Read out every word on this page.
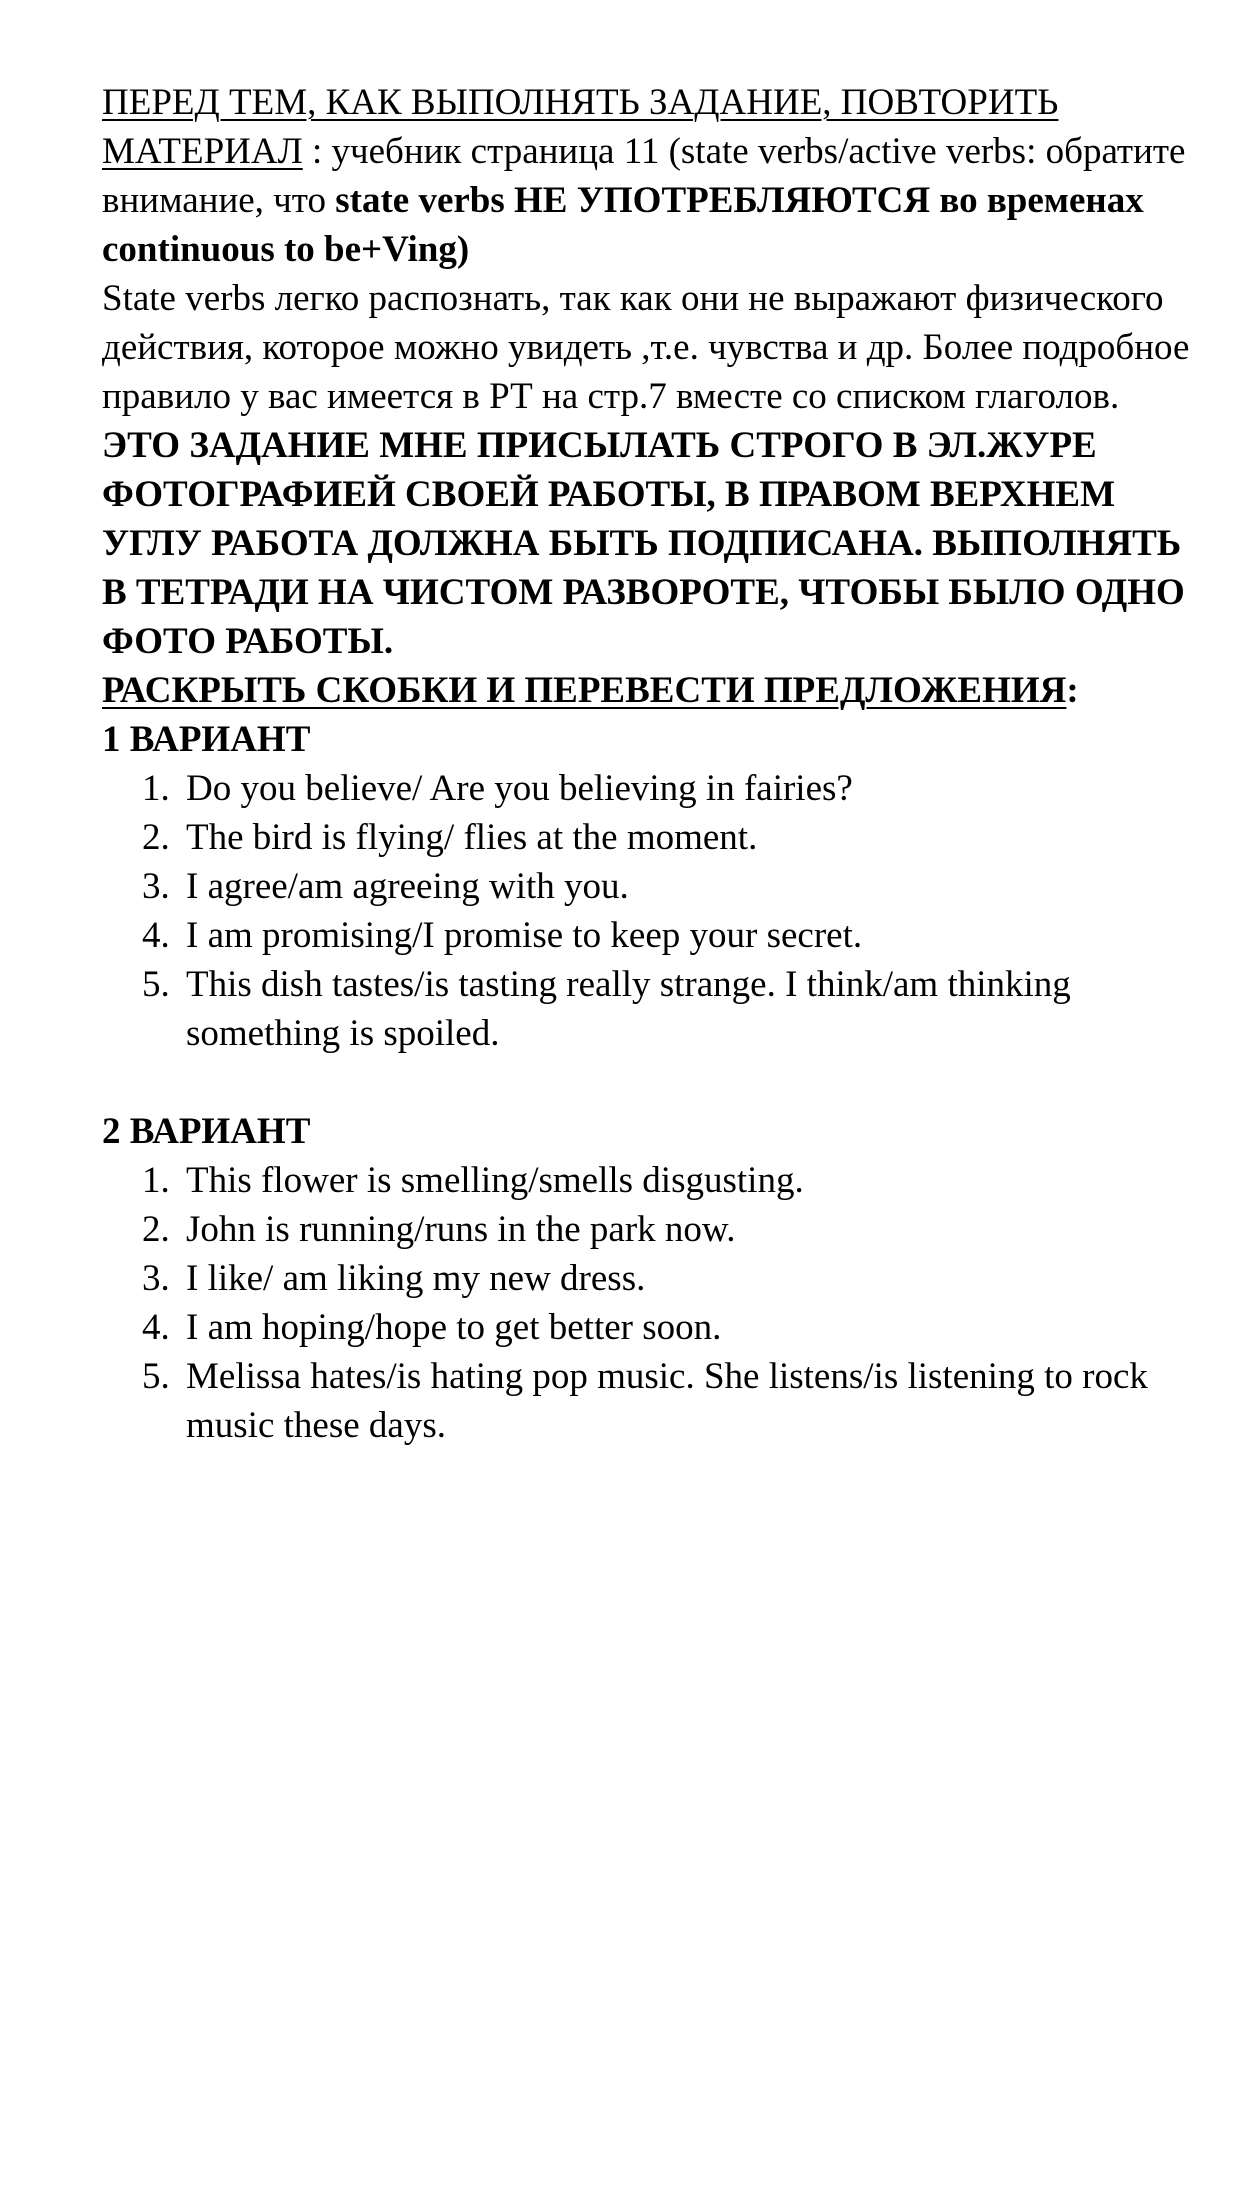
ПЕРЕД ТЕМ, КАК ВЫПОЛНЯТЬ ЗАДАНИЕ, ПОВТОРИТЬ МАТЕРИАЛ : учебник страница 11 (state verbs/active verbs: обратите внимание, что state verbs НЕ УПОТРЕБЛЯЮТСЯ во временах continuous to be+Ving)

State verbs легко распознать, так как они не выражают физического действия, которое можно увидеть ,т.е. чувства и др. Более подробное правило у вас имеется в РТ на стр.7 вместе со списком глаголов.

ЭТО ЗАДАНИЕ МНЕ ПРИСЫЛАТЬ СТРОГО В ЭЛ.ЖУРЕ ФОТОГРАФИЕЙ СВОЕЙ РАБОТЫ, В ПРАВОМ ВЕРХНЕМ УГЛУ РАБОТА ДОЛЖНА БЫТЬ ПОДПИСАНА. ВЫПОЛНЯТЬ В ТЕТРАДИ НА ЧИСТОМ РАЗВОРОТЕ, ЧТОБЫ БЫЛО ОДНО ФОТО РАБОТЫ.

РАСКРЫТЬ СКОБКИ И ПЕРЕВЕСТИ ПРЕДЛОЖЕНИЯ:

1 ВАРИАНТ

1. Do you believe/ Are you believing in fairies?
2. The bird is flying/ flies at the moment.
3. I agree/am agreeing with you.
4. I am promising/I promise to keep your secret.
5. This dish tastes/is tasting really strange. I think/am thinking something is spoiled.

2 ВАРИАНТ

1. This flower is smelling/smells disgusting.
2. John is running/runs in the park now.
3. I like/ am liking my new dress.
4. I am hoping/hope to get better soon.
5. Melissa hates/is hating pop music. She listens/is listening to rock music these days.
